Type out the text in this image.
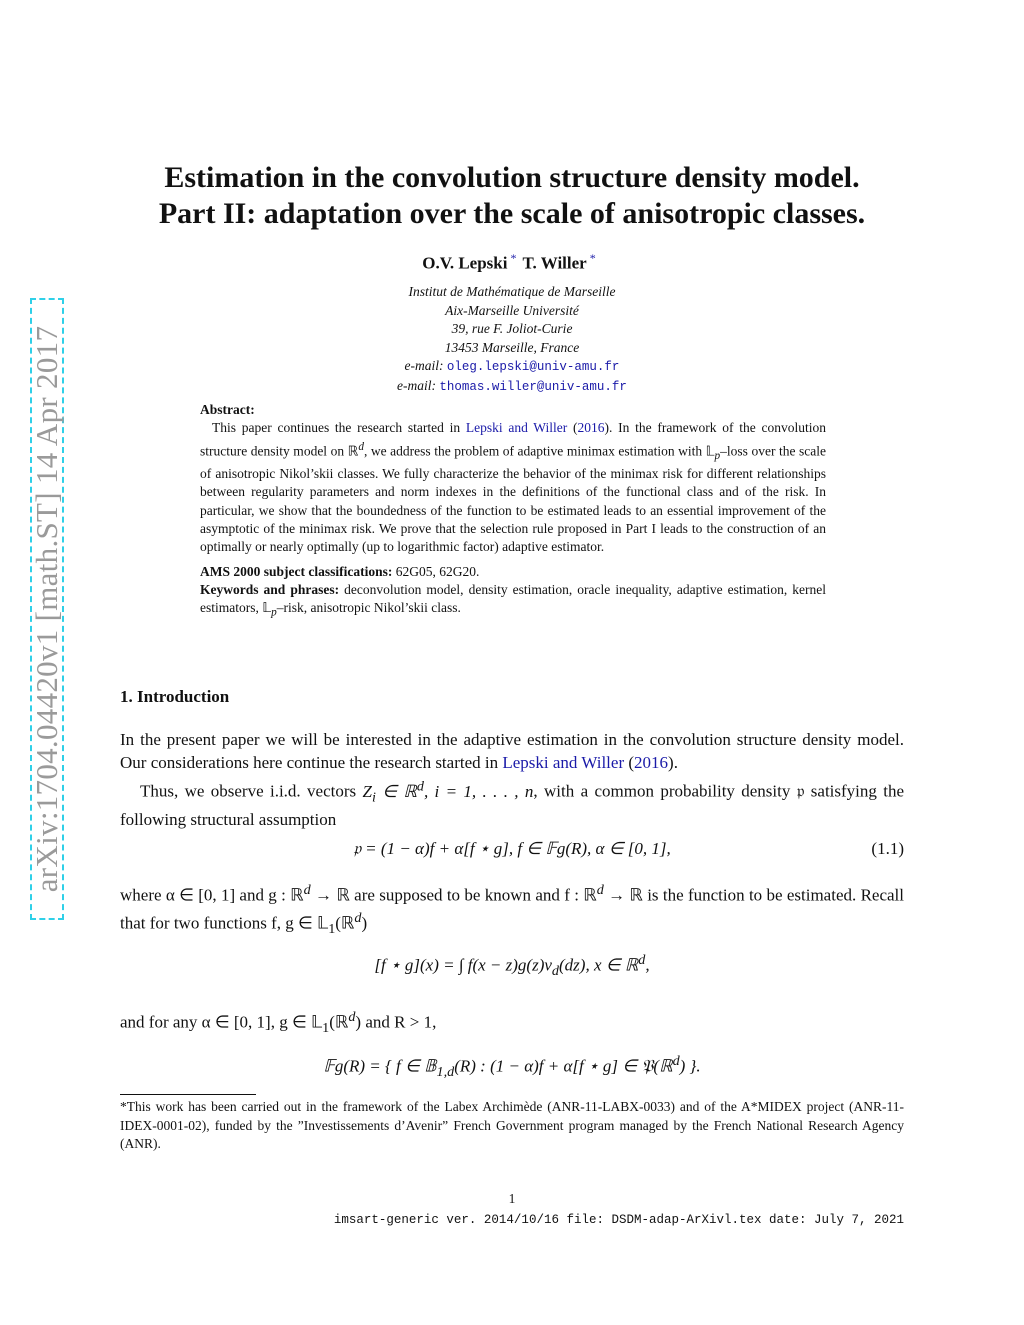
arXiv:1704.04420v1 [math.ST] 14 Apr 2017
Estimation in the convolution structure density model.
Part II: adaptation over the scale of anisotropic classes.
O.V. Lepski * T. Willer *
Institut de Mathématique de Marseille
Aix-Marseille Université
39, rue F. Joliot-Curie
13453 Marseille, France
e-mail: oleg.lepski@univ-amu.fr
e-mail: thomas.willer@univ-amu.fr
Abstract:

This paper continues the research started in Lepski and Willer (2016). In the framework of the convolution structure density model on ℝ$^d$, we address the problem of adaptive minimax estimation with 𝕃$_p$–loss over the scale of anisotropic Nikol’skii classes. We fully characterize the behavior of the minimax risk for different relationships between regularity parameters and norm indexes in the definitions of the functional class and of the risk. In particular, we show that the boundedness of the function to be estimated leads to an essential improvement of the asymptotic of the minimax risk. We prove that the selection rule proposed in Part I leads to the construction of an optimally or nearly optimally (up to logarithmic factor) adaptive estimator.

AMS 2000 subject classifications: 62G05, 62G20.

Keywords and phrases: deconvolution model, density estimation, oracle inequality, adaptive estimation, kernel estimators, 𝕃$_p$–risk, anisotropic Nikol’skii class.

1. Introduction
In the present paper we will be interested in the adaptive estimation in the convolution structure density model. Our considerations here continue the research started in Lepski and Willer (2016).
Thus, we observe i.i.d. vectors $Z_i$ ∈ ℝ$^d$, i = 1, . . . , n, with a common probability density 𝔭 satisfying the following structural assumption
𝔭 = (1 − α)f + α[f ⋆ g], f ∈ 𝔽g(R), α ∈ [0, 1],	(1.1)
where α ∈ [0, 1] and g : ℝ$^d$ → ℝ are supposed to be known and f : ℝ$^d$ → ℝ is the function to be estimated. Recall that for two functions f, g ∈ 𝕃$_1$(ℝ$^d$)
[f ⋆ g](x) = ∫ $f(x - z)g(z)\nu_d(dz)$, x ∈ ℝ$^d$,
and for any α ∈ [0, 1], g ∈ 𝕃$_1$(ℝ$^d$) and R > 1,
𝔽g(R) = { f ∈ 𝔹$_{1,d}$(R) : (1 − α)f + α[f ⋆ g] ∈ 𝔓(ℝ$^d$) }.
*This work has been carried out in the framework of the Labex Archimède (ANR-11-LABX-0033) and of the A*MIDEX project (ANR-11-IDEX-0001-02), funded by the ”Investissements d’Avenir” French Government program managed by the French National Research Agency (ANR).
1
imsart-generic ver. 2014/10/16 file: DSDM-adap-ArXivl.tex date: July 7, 2021
